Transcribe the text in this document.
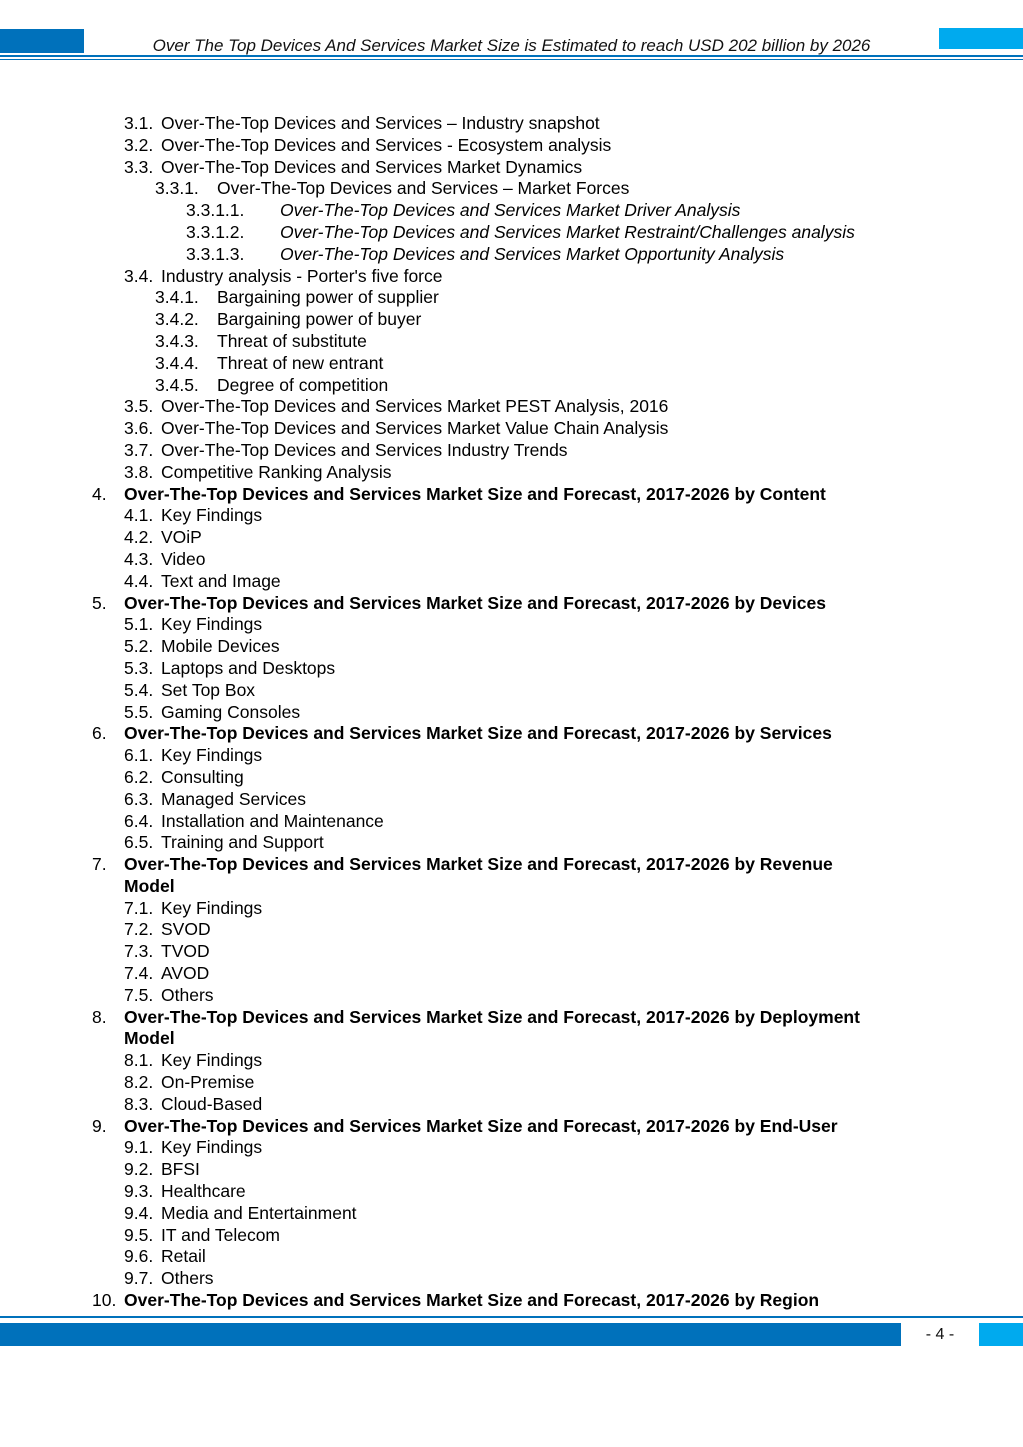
Over The Top Devices And Services Market Size is Estimated to reach USD 202 billion by 2026
3.1. Over-The-Top Devices and Services – Industry snapshot
3.2. Over-The-Top Devices and Services - Ecosystem analysis
3.3. Over-The-Top Devices and Services Market Dynamics
3.3.1. Over-The-Top Devices and Services – Market Forces
3.3.1.1. Over-The-Top Devices and Services Market Driver Analysis
3.3.1.2. Over-The-Top Devices and Services Market Restraint/Challenges analysis
3.3.1.3. Over-The-Top Devices and Services Market Opportunity Analysis
3.4. Industry analysis - Porter's five force
3.4.1. Bargaining power of supplier
3.4.2. Bargaining power of buyer
3.4.3. Threat of substitute
3.4.4. Threat of new entrant
3.4.5. Degree of competition
3.5. Over-The-Top Devices and Services Market PEST Analysis, 2016
3.6. Over-The-Top Devices and Services Market Value Chain Analysis
3.7. Over-The-Top Devices and Services Industry Trends
3.8. Competitive Ranking Analysis
4. Over-The-Top Devices and Services Market Size and Forecast, 2017-2026 by Content
4.1. Key Findings
4.2. VOiP
4.3. Video
4.4. Text and Image
5. Over-The-Top Devices and Services Market Size and Forecast, 2017-2026 by Devices
5.1. Key Findings
5.2. Mobile Devices
5.3. Laptops and Desktops
5.4. Set Top Box
5.5. Gaming Consoles
6. Over-The-Top Devices and Services Market Size and Forecast, 2017-2026 by Services
6.1. Key Findings
6.2. Consulting
6.3. Managed Services
6.4. Installation and Maintenance
6.5. Training and Support
7. Over-The-Top Devices and Services Market Size and Forecast, 2017-2026 by Revenue
Model
7.1. Key Findings
7.2. SVOD
7.3. TVOD
7.4. AVOD
7.5. Others
8. Over-The-Top Devices and Services Market Size and Forecast, 2017-2026 by Deployment
Model
8.1. Key Findings
8.2. On-Premise
8.3. Cloud-Based
9. Over-The-Top Devices and Services Market Size and Forecast, 2017-2026 by End-User
9.1. Key Findings
9.2. BFSI
9.3. Healthcare
9.4. Media and Entertainment
9.5. IT and Telecom
9.6. Retail
9.7. Others
10. Over-The-Top Devices and Services Market Size and Forecast, 2017-2026 by Region
- 4 -
